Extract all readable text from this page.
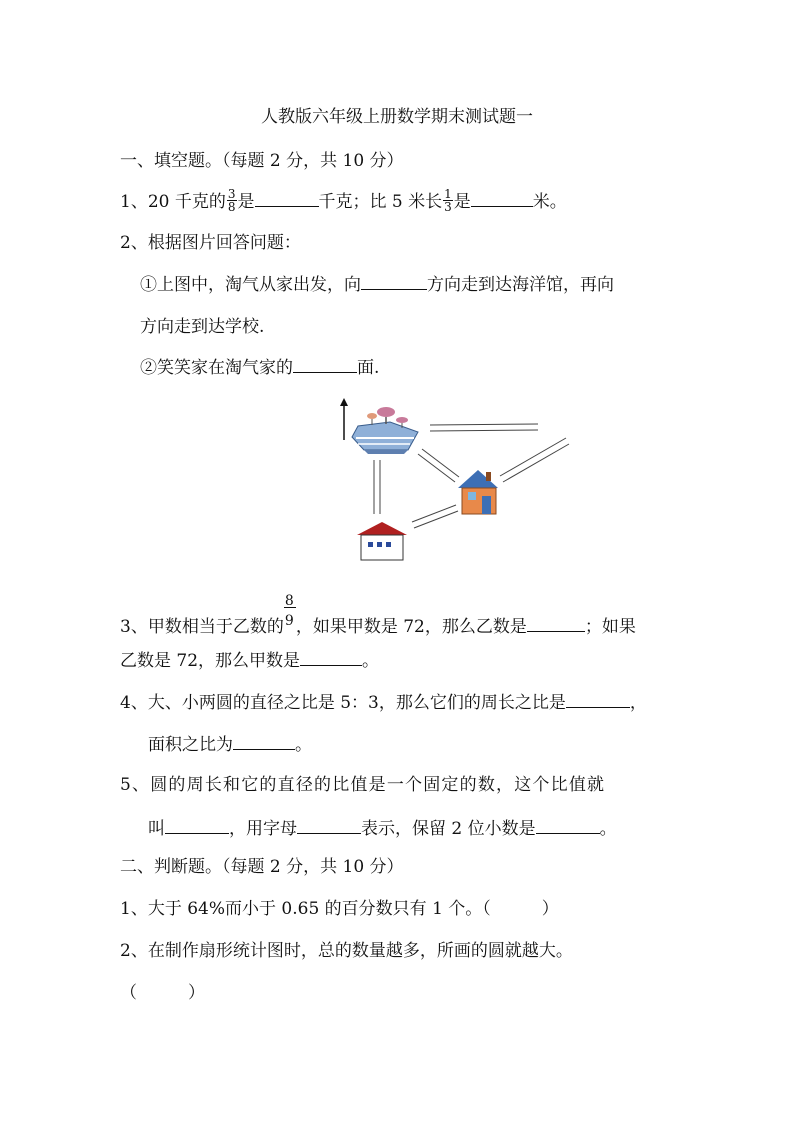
人教版六年级上册数学期末测试题一
一、填空题。（每题 2 分，共 10 分）
1、20 千克的 $\frac{3}{8}$ 是	千克；比 5 米长 $\frac{1}{3}$ 是	米。
2、根据图片回答问题：
①上图中，淘气从家出发，向	方向走到达海洋馆，再向
方向走到达学校.
②笑笑家在淘气家的	面.
3、甲数相当于乙数的 $\frac{8}{9}$ ，如果甲数是 72，那么乙数是	；如果
乙数是 72，那么甲数是	。
4、大、小两圆的直径之比是 5：3，那么它们的周长之比是	，
面积之比为	。
5、圆的周长和它的直径的比值是一个固定的数，这个比值就
叫	，用字母	表示，保留 2 位小数是	。
二、判断题。（每题 2 分，共 10 分）
1、大于 64%而小于 0.65 的百分数只有 1 个。（　　　）
2、在制作扇形统计图时，总的数量越多，所画的圆就越大。
（　　　）
